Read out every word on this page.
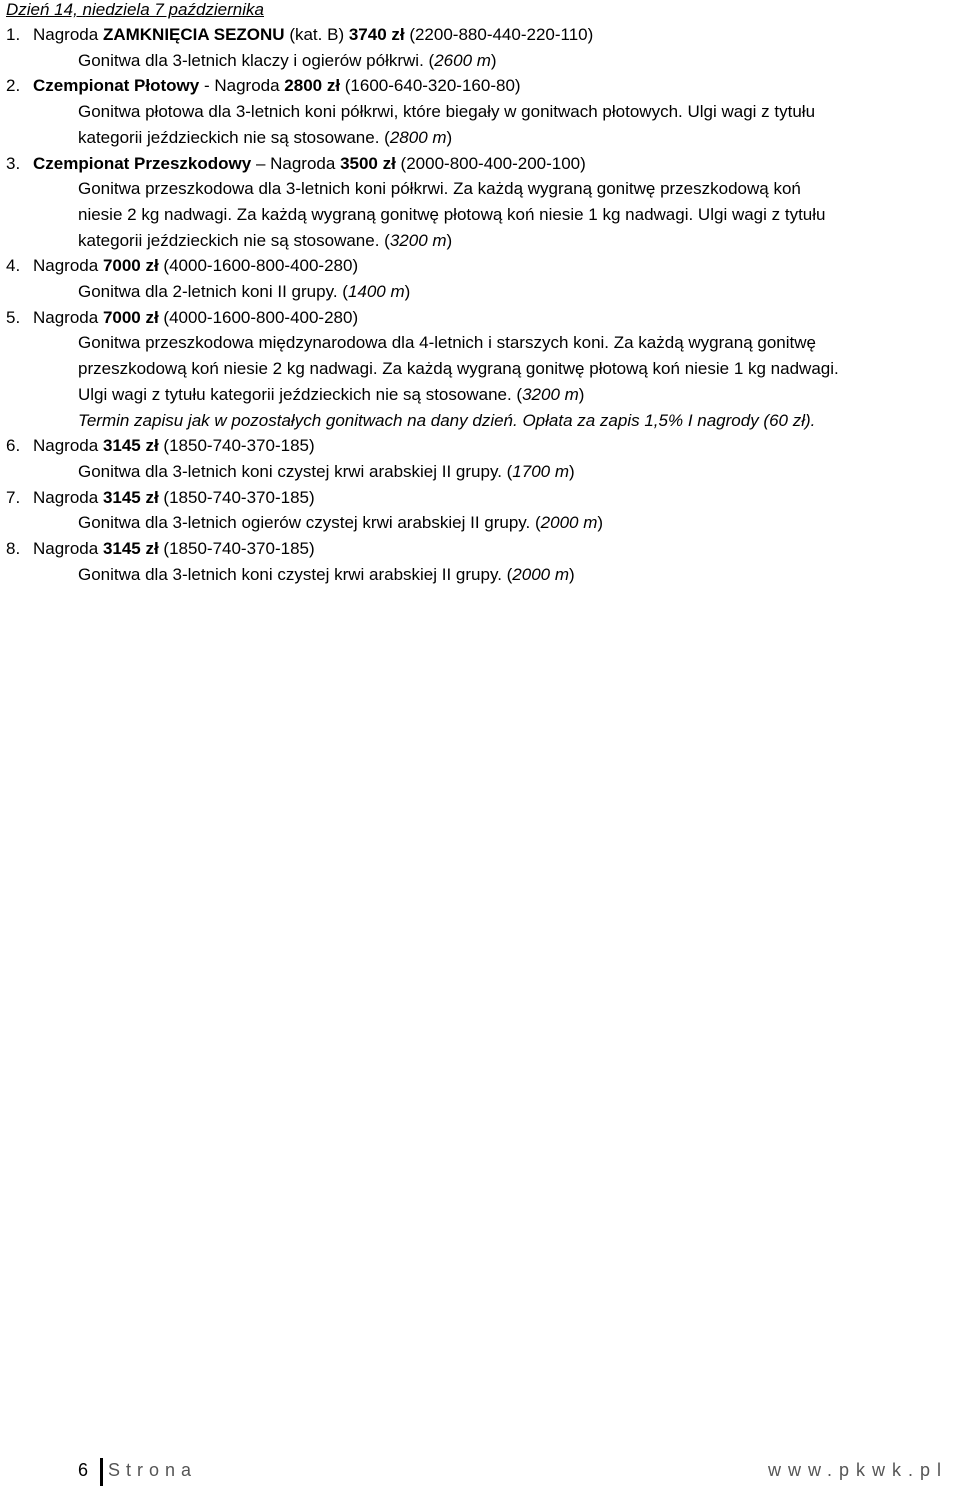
Dzień 14, niedziela 7 października
1. Nagroda ZAMKNIĘCIA SEZONU (kat. B) 3740 zł (2200-880-440-220-110)
Gonitwa dla 3-letnich klaczy i ogierów półkrwi. (2600 m)
2. Czempionat Płotowy - Nagroda 2800 zł (1600-640-320-160-80)
Gonitwa płotowa dla 3-letnich koni półkrwi, które biegały w gonitwach płotowych. Ulgi wagi z tytułu
kategorii jeździeckich nie są stosowane. (2800 m)
3. Czempionat Przeszkodowy – Nagroda 3500 zł (2000-800-400-200-100)
Gonitwa przeszkodowa dla 3-letnich koni półkrwi. Za każdą wygraną gonitwę przeszkodową koń
niesie 2 kg nadwagi. Za każdą wygraną gonitwę płotową koń niesie 1 kg nadwagi. Ulgi wagi z tytułu
kategorii jeździeckich nie są stosowane. (3200 m)
4. Nagroda 7000 zł (4000-1600-800-400-280)
Gonitwa dla 2-letnich koni II grupy. (1400 m)
5. Nagroda 7000 zł (4000-1600-800-400-280)
Gonitwa przeszkodowa międzynarodowa dla 4-letnich i starszych koni. Za każdą wygraną gonitwę
przeszkodową koń niesie 2 kg nadwagi. Za każdą wygraną gonitwę płotową koń niesie 1 kg nadwagi.
Ulgi wagi z tytułu kategorii jeździeckich nie są stosowane. (3200 m)
Termin zapisu jak w pozostałych gonitwach na dany dzień. Opłata za zapis 1,5% I nagrody (60 zł).
6. Nagroda 3145 zł (1850-740-370-185)
Gonitwa dla 3-letnich koni czystej krwi arabskiej II grupy. (1700 m)
7. Nagroda 3145 zł (1850-740-370-185)
Gonitwa dla 3-letnich ogierów czystej krwi arabskiej II grupy. (2000 m)
8. Nagroda 3145 zł (1850-740-370-185)
Gonitwa dla 3-letnich koni czystej krwi arabskiej II grupy. (2000 m)
6 Strona	www.pkwk.pl
